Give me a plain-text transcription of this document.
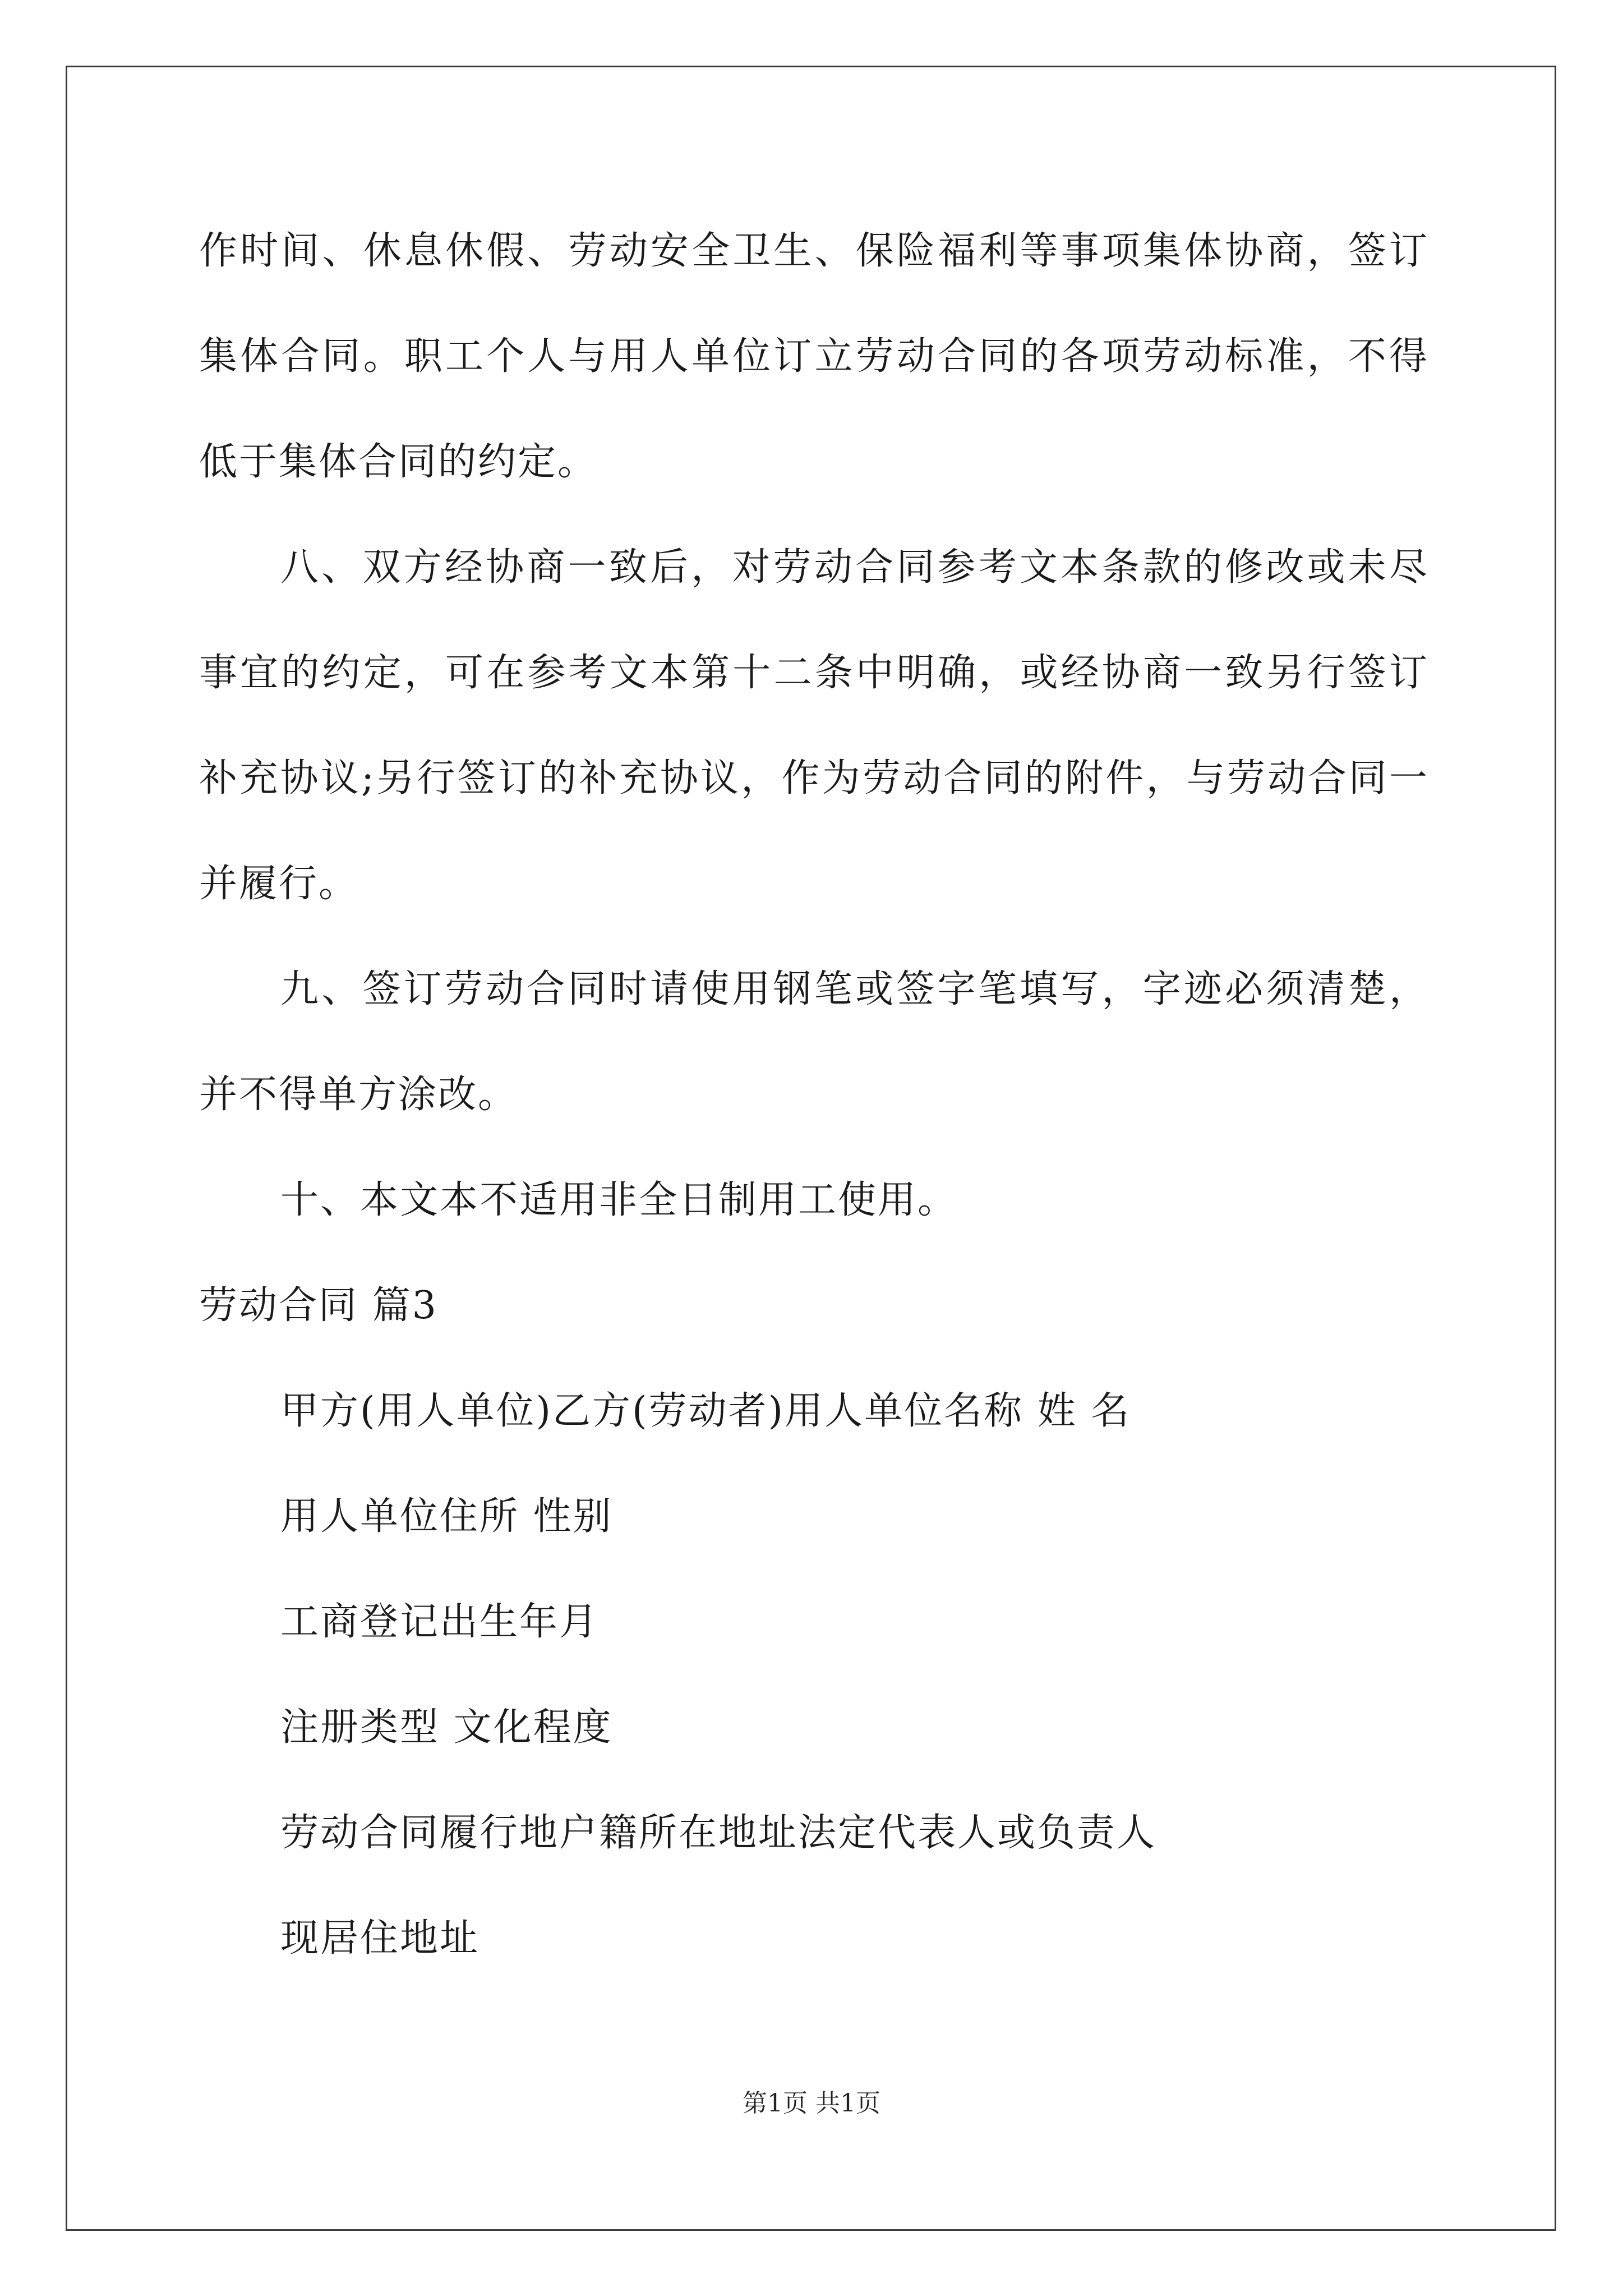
作时间、休息休假、劳动安全卫生、保险福利等事项集体协商，签订
集体合同。职工个人与用人单位订立劳动合同的各项劳动标准，不得
低于集体合同的约定。
八、双方经协商一致后，对劳动合同参考文本条款的修改或未尽
事宜的约定，可在参考文本第十二条中明确，或经协商一致另行签订
补充协议;另行签订的补充协议，作为劳动合同的附件，与劳动合同一
并履行。
九、签订劳动合同时请使用钢笔或签字笔填写，字迹必须清楚，
并不得单方涂改。
十、本文本不适用非全日制用工使用。
劳动合同 篇3
甲方(用人单位)乙方(劳动者)用人单位名称 姓 名
用人单位住所 性别
工商登记出生年月
注册类型 文化程度
劳动合同履行地户籍所在地址法定代表人或负责人
现居住地址
第1页 共1页
